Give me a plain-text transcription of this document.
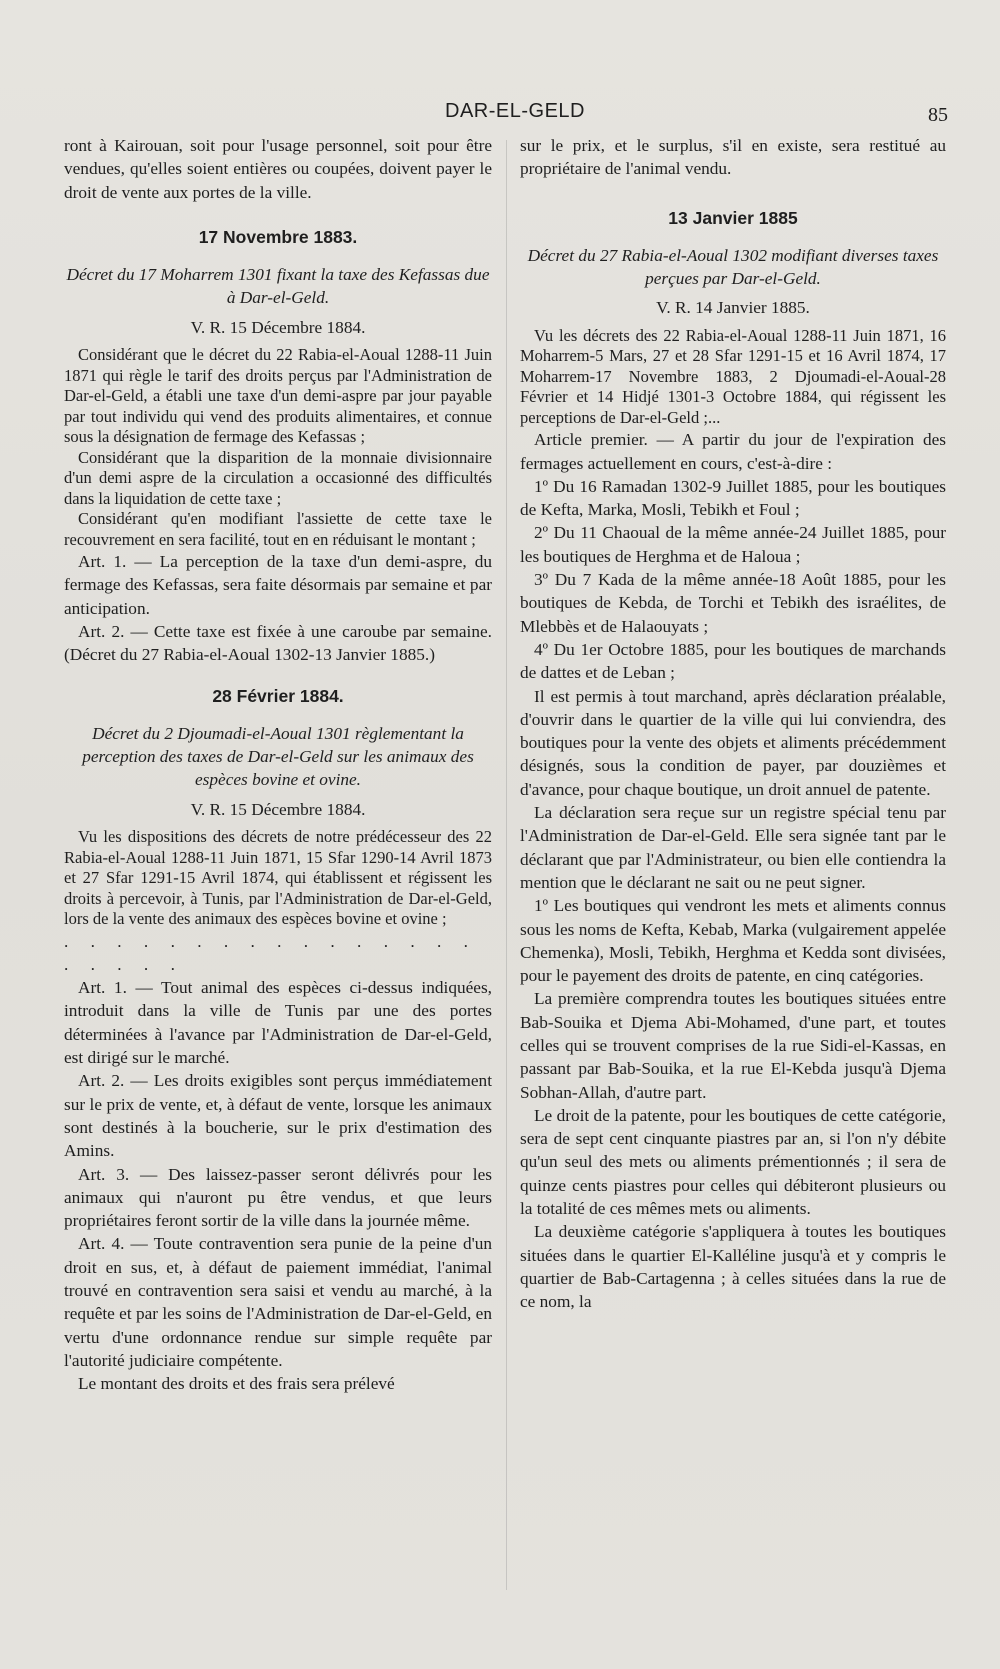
DAR-EL-GELD	85

ront à Kairouan, soit pour l'usage personnel, soit pour être vendues, qu'elles soient entières ou coupées, doivent payer le droit de vente aux portes de la ville.

17 Novembre 1883.

Décret du 17 Moharrem 1301 fixant la taxe des Kefassas due à Dar-el-Geld.

V. R. 15 Décembre 1884.

Considérant que le décret du 22 Rabia-el-Aoual 1288-11 Juin 1871 qui règle le tarif des droits perçus par l'Administration de Dar-el-Geld, a établi une taxe d'un demi-aspre par jour payable par tout individu qui vend des produits alimentaires, et connue sous la désignation de fermage des Kefassas ;

Considérant que la disparition de la monnaie divisionnaire d'un demi aspre de la circulation a occasionné des difficultés dans la liquidation de cette taxe ;

Considérant qu'en modifiant l'assiette de cette taxe le recouvrement en sera facilité, tout en en réduisant le montant ;

Art. 1. — La perception de la taxe d'un demi-aspre, du fermage des Kefassas, sera faite désormais par semaine et par anticipation.

Art. 2. — Cette taxe est fixée à une caroube par semaine. (Décret du 27 Rabia-el-Aoual 1302-13 Janvier 1885.)

28 Février 1884.

Décret du 2 Djoumadi-el-Aoual 1301 règlementant la perception des taxes de Dar-el-Geld sur les animaux des espèces bovine et ovine.

V. R. 15 Décembre 1884.

Vu les dispositions des décrets de notre prédécesseur des 22 Rabia-el-Aoual 1288-11 Juin 1871, 15 Sfar 1290-14 Avril 1873 et 27 Sfar 1291-15 Avril 1874, qui établissent et régissent les droits à percevoir, à Tunis, par l'Administration de Dar-el-Geld, lors de la vente des animaux des espèces bovine et ovine ;

. . . . . . . . . . . . . . . . . . . . .

Art. 1. — Tout animal des espèces ci-dessus indiquées, introduit dans la ville de Tunis par une des portes déterminées à l'avance par l'Administration de Dar-el-Geld, est dirigé sur le marché.

Art. 2. — Les droits exigibles sont perçus immédiatement sur le prix de vente, et, à défaut de vente, lorsque les animaux sont destinés à la boucherie, sur le prix d'estimation des Amins.

Art. 3. — Des laissez-passer seront délivrés pour les animaux qui n'auront pu être vendus, et que leurs propriétaires feront sortir de la ville dans la journée même.

Art. 4. — Toute contravention sera punie de la peine d'un droit en sus, et, à défaut de paiement immédiat, l'animal trouvé en contravention sera saisi et vendu au marché, à la requête et par les soins de l'Administration de Dar-el-Geld, en vertu d'une ordonnance rendue sur simple requête par l'autorité judiciaire compétente.

Le montant des droits et des frais sera prélevé

sur le prix, et le surplus, s'il en existe, sera restitué au propriétaire de l'animal vendu.

13 Janvier 1885

Décret du 27 Rabia-el-Aoual 1302 modifiant diverses taxes perçues par Dar-el-Geld.

V. R. 14 Janvier 1885.

Vu les décrets des 22 Rabia-el-Aoual 1288-11 Juin 1871, 16 Moharrem-5 Mars, 27 et 28 Sfar 1291-15 et 16 Avril 1874, 17 Moharrem-17 Novembre 1883, 2 Djoumadi-el-Aoual-28 Février et 14 Hidjé 1301-3 Octobre 1884, qui régissent les perceptions de Dar-el-Geld ;...

Article premier. — A partir du jour de l'expiration des fermages actuellement en cours, c'est-à-dire :

1º Du 16 Ramadan 1302-9 Juillet 1885, pour les boutiques de Kefta, Marka, Mosli, Tebikh et Foul ;

2º Du 11 Chaoual de la même année-24 Juillet 1885, pour les boutiques de Herghma et de Haloua ;

3º Du 7 Kada de la même année-18 Août 1885, pour les boutiques de Kebda, de Torchi et Tebikh des israélites, de Mlebbès et de Halaouyats ;

4º Du 1er Octobre 1885, pour les boutiques de marchands de dattes et de Leban ;

Il est permis à tout marchand, après déclaration préalable, d'ouvrir dans le quartier de la ville qui lui conviendra, des boutiques pour la vente des objets et aliments précédemment désignés, sous la condition de payer, par douzièmes et d'avance, pour chaque boutique, un droit annuel de patente.

La déclaration sera reçue sur un registre spécial tenu par l'Administration de Dar-el-Geld. Elle sera signée tant par le déclarant que par l'Administrateur, ou bien elle contiendra la mention que le déclarant ne sait ou ne peut signer.

1º Les boutiques qui vendront les mets et aliments connus sous les noms de Kefta, Kebab, Marka (vulgairement appelée Chemenka), Mosli, Tebikh, Herghma et Kedda sont divisées, pour le payement des droits de patente, en cinq catégories.

La première comprendra toutes les boutiques situées entre Bab-Souika et Djema Abi-Mohamed, d'une part, et toutes celles qui se trouvent comprises de la rue Sidi-el-Kassas, en passant par Bab-Souika, et la rue El-Kebda jusqu'à Djema Sobhan-Allah, d'autre part.

Le droit de la patente, pour les boutiques de cette catégorie, sera de sept cent cinquante piastres par an, si l'on n'y débite qu'un seul des mets ou aliments prémentionnés ; il sera de quinze cents piastres pour celles qui débiteront plusieurs ou la totalité de ces mêmes mets ou aliments.

La deuxième catégorie s'appliquera à toutes les boutiques situées dans le quartier El-Kalléline jusqu'à et y compris le quartier de Bab-Cartagenna ; à celles situées dans la rue de ce nom, la
